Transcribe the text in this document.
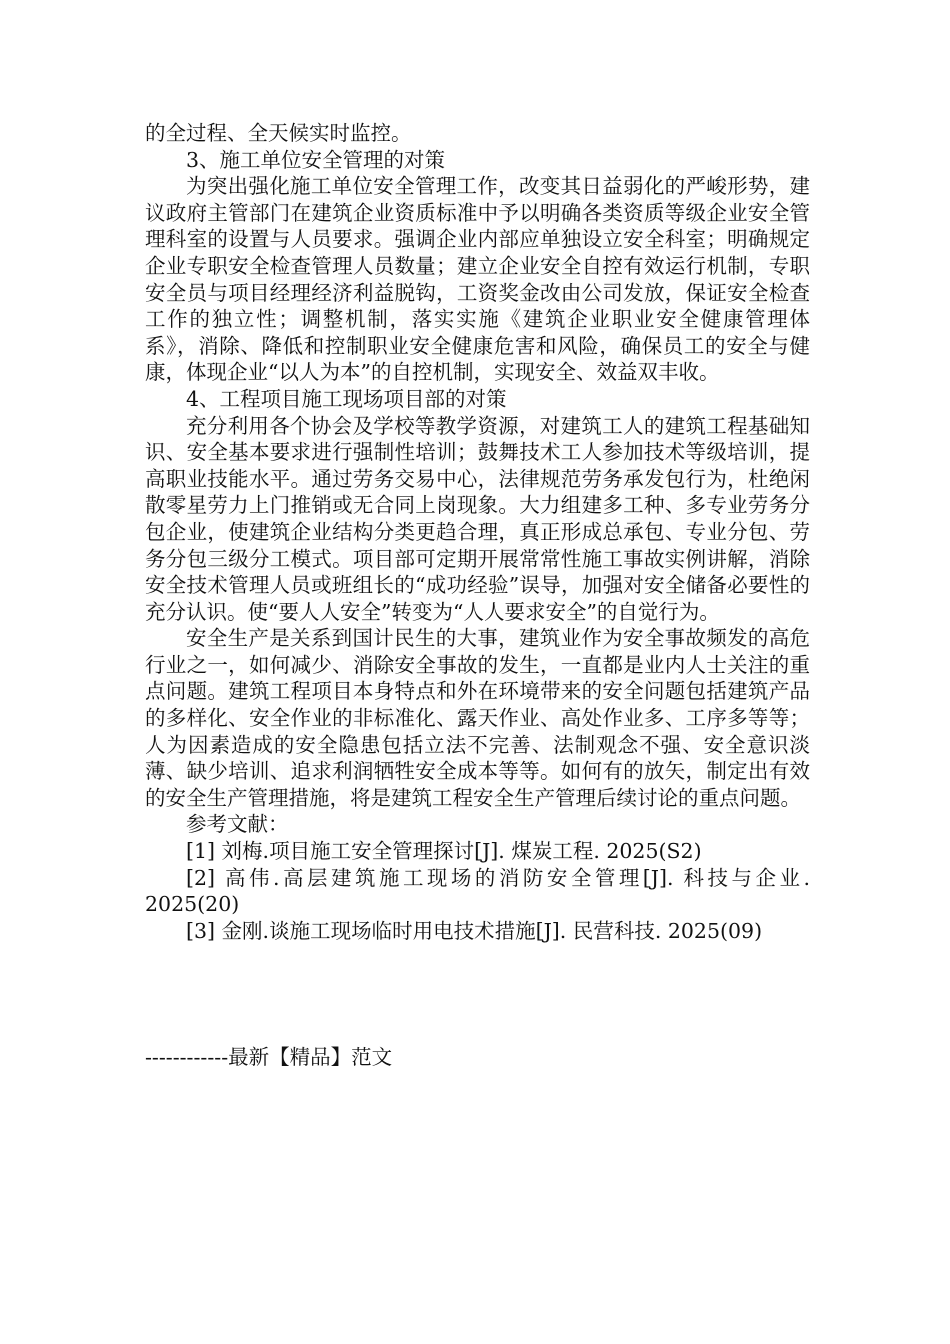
的全过程、全天候实时监控。

3、施工单位安全管理的对策

为突出强化施工单位安全管理工作，改变其日益弱化的严峻形势，建议政府主管部门在建筑企业资质标准中予以明确各类资质等级企业安全管理科室的设置与人员要求。强调企业内部应单独设立安全科室；明确规定企业专职安全检查管理人员数量；建立企业安全自控有效运行机制，专职安全员与项目经理经济利益脱钩，工资奖金改由公司发放，保证安全检查工作的独立性；调整机制，落实实施《建筑企业职业安全健康管理体系》，消除、降低和控制职业安全健康危害和风险，确保员工的安全与健康，体现企业“以人为本”的自控机制，实现安全、效益双丰收。

4、工程项目施工现场项目部的对策

充分利用各个协会及学校等教学资源，对建筑工人的建筑工程基础知识、安全基本要求进行强制性培训；鼓舞技术工人参加技术等级培训，提高职业技能水平。通过劳务交易中心，法律规范劳务承发包行为，杜绝闲散零星劳力上门推销或无合同上岗现象。大力组建多工种、多专业劳务分包企业，使建筑企业结构分类更趋合理，真正形成总承包、专业分包、劳务分包三级分工模式。项目部可定期开展常常性施工事故实例讲解，消除安全技术管理人员或班组长的“成功经验”误导，加强对安全储备必要性的充分认识。使“要人人安全”转变为“人人要求安全”的自觉行为。

安全生产是关系到国计民生的大事，建筑业作为安全事故频发的高危行业之一，如何减少、消除安全事故的发生，一直都是业内人士关注的重点问题。建筑工程项目本身特点和外在环境带来的安全问题包括建筑产品的多样化、安全作业的非标准化、露天作业、高处作业多、工序多等等；人为因素造成的安全隐患包括立法不完善、法制观念不强、安全意识淡薄、缺少培训、追求利润牺牲安全成本等等。如何有的放矢，制定出有效的安全生产管理措施，将是建筑工程安全生产管理后续讨论的重点问题。

参考文献：

[1] 刘梅.项目施工安全管理探讨[J]. 煤炭工程. 2025(S2)

[2] 高伟.高层建筑施工现场的消防安全管理[J]. 科技与企业. 2025(20)

[3] 金刚.谈施工现场临时用电技术措施[J]. 民营科技. 2025(09)

------------最新【精品】范文
